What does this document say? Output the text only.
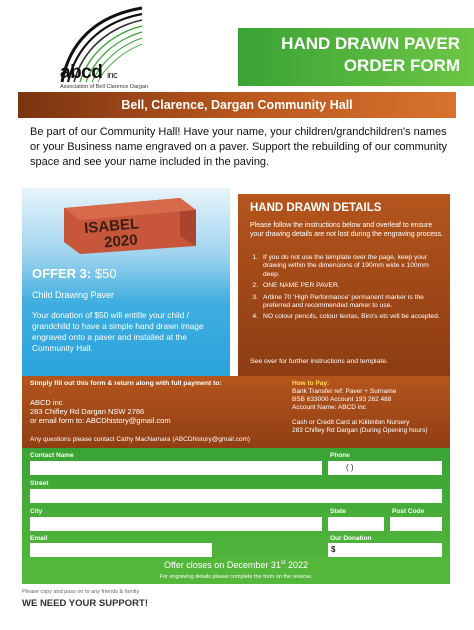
abcd inc
Association of Bell Clarence Dargan
HAND DRAWN PAVER
ORDER FORM
Bell, Clarence, Dargan Community Hall
Be part of our Community Hall! Have your name, your children/grandchildren's names or your Business name engraved on a paver. Support the rebuilding of our community space and see your name included in the paving.
ISABEL
2020
OFFER 3: $50
Child Drawing Paver
Your donation of $50 will entitle your child / grandchild to have a simple hand drawn image engraved onto a paver and installed at the Community Hall.
HAND DRAWN DETAILS
Please follow the instructions below and overleaf to ensure your drawing details are not lost during the engraving process.
1. If you do not use the template over the page, keep your drawing within the dimensions of 190mm wide x 100mm deep.
2. ONE NAME PER PAVER.
3. Artline 70 'High Performance' permanent marker is the preferred and recommended marker to use.
4. NO colour pencils, colour textas, Biro's etc will be accepted.
See over for further instructions and template.
Simply fill out this form & return along with full payment to:
ABCD inc
283 Chifley Rd Dargan NSW 2786
or email form to: ABCDhistory@gmail.com
Any questions please contact Cathy MacNamara (ABCDhistory@gmail.com)
How to Pay:
Bank Transfer ref: Paver + Surname
BSB 633000 Account 193 262 488
Account Name: ABCD inc
Cash or Credit Card at Kilibinbin Nursery
283 Chifley Rd Dargan (During Opening hours)
Contact Name	Phone
( )
Street
City	State	Post Code
Email	Our Donation
$
Offer closes on December 31st 2022
For engraving details please complete the form on the reverse.
Please copy and pass on to any friends & family
WE NEED YOUR SUPPORT!
